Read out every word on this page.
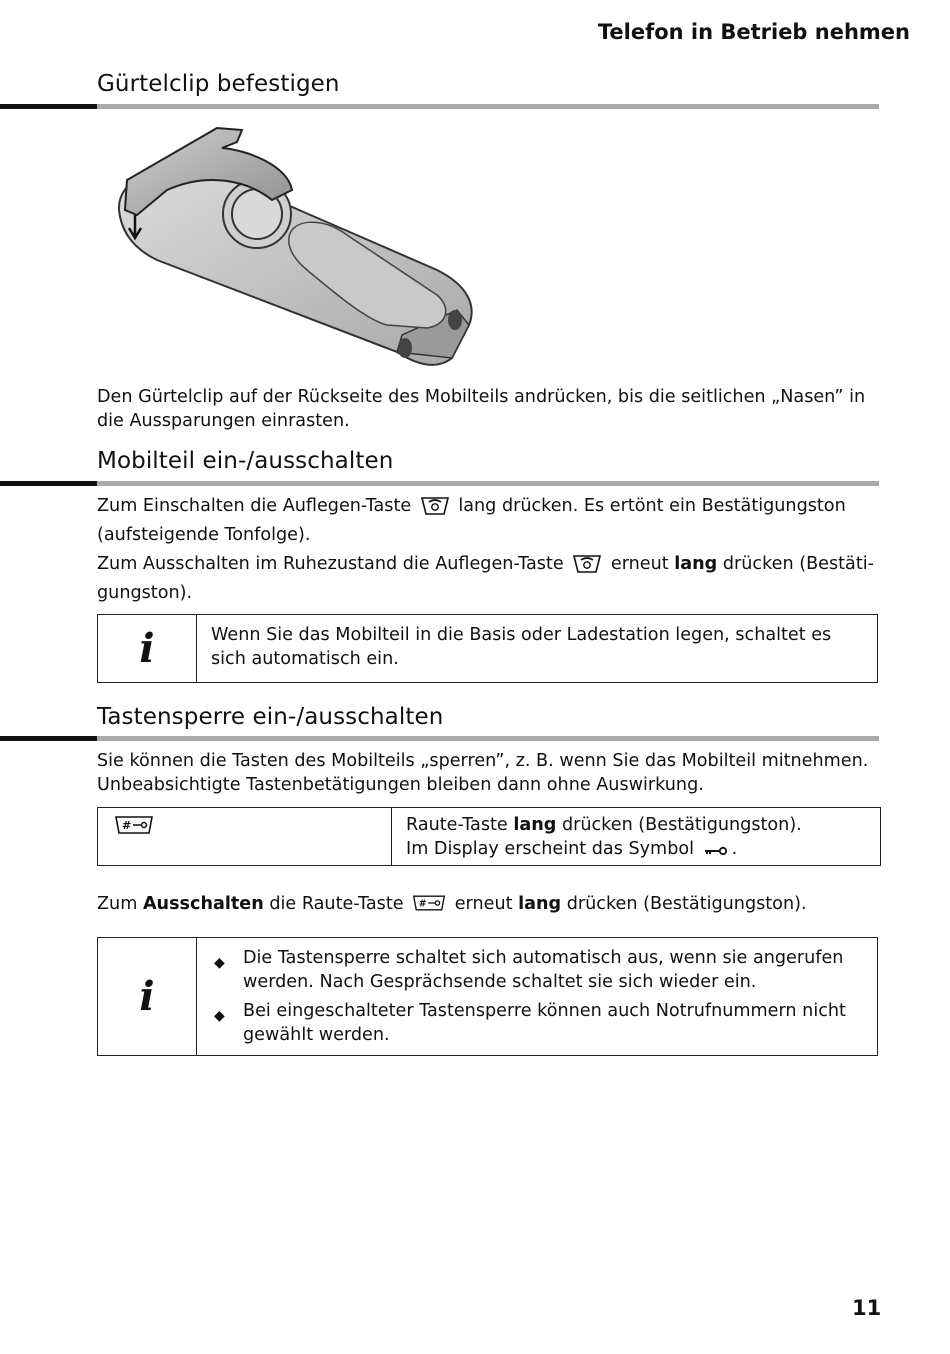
Telefon in Betrieb nehmen
Gürtelclip befestigen
Den Gürtelclip auf der Rückseite des Mobilteils andrücken, bis die seitlichen „Nasen” in die Aussparungen einrasten.
Mobilteil ein-/ausschalten

Zum Einschalten die Auflegen-Taste	lang drücken. Es ertönt ein Bestätigungston (aufsteigende Tonfolge).

Zum Ausschalten im Ruhezustand die Auflegen-Taste	erneut lang drücken (Bestäti-gungston).

i	Wenn Sie das Mobilteil in die Basis oder Ladestation legen, schaltet es sich automatisch ein.
Tastensperre ein-/ausschalten
Sie können die Tasten des Mobilteils „sperren”, z. B. wenn Sie das Mobilteil mitnehmen. Unbeabsichtigte Tastenbetätigungen bleiben dann ohne Auswirkung.
#	Raute-Taste lang drücken (Bestätigungston).
Im Display erscheint das Symbol .
Zum Ausschalten die Raute-Taste # erneut lang drücken (Bestätigungston).
i
◆ Die Tastensperre schaltet sich automatisch aus, wenn sie angerufen werden. Nach Gesprächsende schaltet sie sich wieder ein.
◆ Bei eingeschalteter Tastensperre können auch Notrufnummern nicht gewählt werden.
11
